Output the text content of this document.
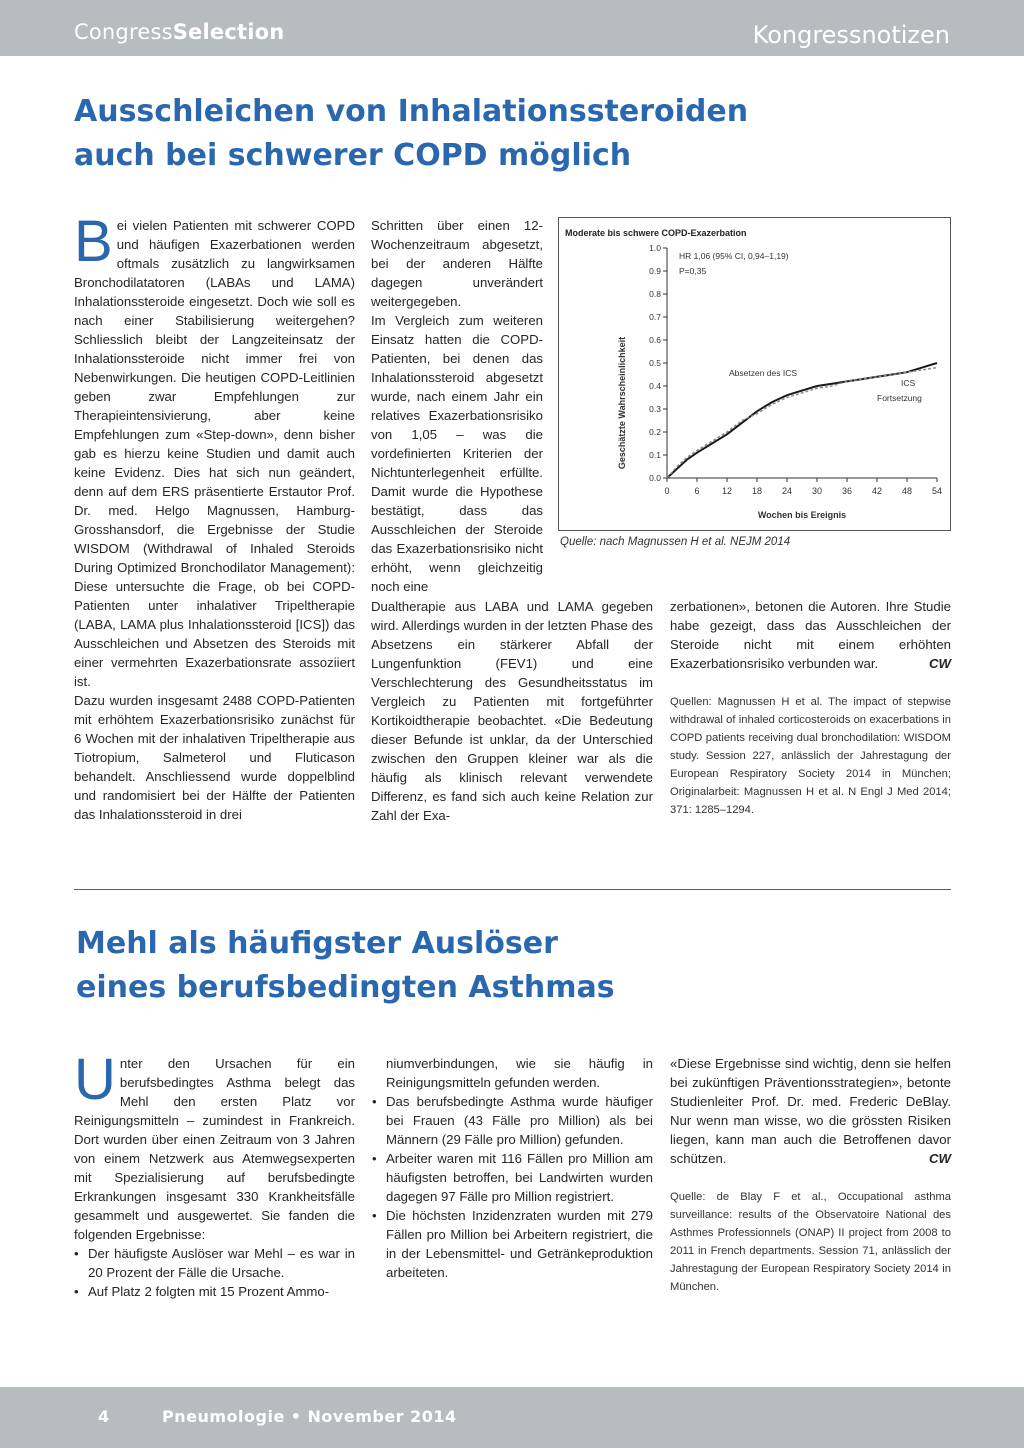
CongressSelection	Kongressnotizen
Ausschleichen von Inhalationssteroiden
auch bei schwerer COPD möglich

Bei vielen Patienten mit schwerer COPD und häufigen Exazerbationen werden oftmals zusätzlich zu langwirksamen Bronchodilatatoren (LABAs und LAMA) Inhalationssteroide eingesetzt. Doch wie soll es nach einer Stabilisierung weitergehen? Schliesslich bleibt der Langzeiteinsatz der Inhalationssteroide nicht immer frei von Nebenwirkungen. Die heutigen COPD-Leitlinien geben zwar Empfehlungen zur Therapieintensivierung, aber keine Empfehlungen zum «Step-down», denn bisher gab es hierzu keine Studien und damit auch keine Evidenz. Dies hat sich nun geändert, denn auf dem ERS präsentierte Erstautor Prof. Dr. med. Helgo Magnussen, Hamburg-Grosshansdorf, die Ergebnisse der Studie WISDOM (Withdrawal of Inhaled Steroids During Optimized Bronchodilator Management): Diese untersuchte die Frage, ob bei COPD-Patienten unter inhalativer Tripeltherapie (LABA, LAMA plus Inhalationssteroid [ICS]) das Ausschleichen und Absetzen des Steroids mit einer vermehrten Exazerbationsrate assoziiert ist.

Dazu wurden insgesamt 2488 COPD-Patienten mit erhöhtem Exazerbationsrisiko zunächst für 6 Wochen mit der inhalativen Tripeltherapie aus Tiotropium, Salmeterol und Fluticason behandelt. Anschliessend wurde doppelblind und randomisiert bei der Hälfte der Patienten das Inhalationssteroid in drei

Schritten über einen 12-Wochenzeitraum abgesetzt, bei der anderen Hälfte dagegen unverändert weitergegeben.

Im Vergleich zum weiteren Einsatz hatten die COPD-Patienten, bei denen das Inhalationssteroid abgesetzt wurde, nach einem Jahr ein relatives Exazerbationsrisiko von 1,05 – was die vordefinierten Kriterien der Nichtunterlegenheit erfüllte. Damit wurde die Hypothese bestätigt, dass das Ausschleichen der Steroide das Exazerbationsrisiko nicht erhöht, wenn gleichzeitig noch eine

Dualtherapie aus LABA und LAMA gegeben wird. Allerdings wurden in der letzten Phase des Absetzens ein stärkerer Abfall der Lungenfunktion (FEV1) und eine Verschlechterung des Gesundheitsstatus im Vergleich zu Patienten mit fortgeführter Kortikoidtherapie beobachtet. «Die Bedeutung dieser Befunde ist unklar, da der Unterschied zwischen den Gruppen kleiner war als die häufig als klinisch relevant verwendete Differenz, es fand sich auch keine Relation zur Zahl der Exa-

zerbationen», betonen die Autoren. Ihre Studie habe gezeigt, dass das Ausschleichen der Steroide nicht mit einem erhöhten Exazerbationsrisiko verbunden war.	CW

Quellen: Magnussen H et al. The impact of stepwise withdrawal of inhaled corticosteroids on exacerbations in COPD patients receiving dual bronchodilation: WISDOM study. Session 227, anlässlich der Jahrestagung der European Respiratory Society 2014 in München; Originalarbeit: Magnussen H et al. N Engl J Med 2014; 371: 1285–1294.

Moderate bis schwere COPD-Exazerbation
HR 1,06 (95% CI, 0,94–1,19)
P=0,35
Geschätzte Wahrscheinlichkeit
Wochen bis Ereignis
Absetzen des ICS
ICS
Fortsetzung
0	6 12 18 24 30 36 42 48 54
0.0
0.1
0.2
0.3
0.4
0.5
0.6
0.7
0.8
0.9
1.0
Quelle: nach Magnussen H et al. NEJM 2014
Mehl als häufigster Auslöser
eines berufsbedingten Asthmas

Unter den Ursachen für ein berufsbedingtes Asthma belegt das Mehl den ersten Platz vor Reinigungsmitteln – zumindest in Frankreich. Dort wurden über einen Zeitraum von 3 Jahren von einem Netzwerk aus Atemwegsexperten mit Spezialisierung auf berufsbedingte Erkrankungen insgesamt 330 Krankheitsfälle gesammelt und ausgewertet. Sie fanden die folgenden Ergebnisse:

• Der häufigste Auslöser war Mehl – es war in 20 Prozent der Fälle die Ursache.
• Auf Platz 2 folgten mit 15 Prozent Ammo-

niumverbindungen, wie sie häufig in Reinigungsmitteln gefunden werden.

• Das berufsbedingte Asthma wurde häufiger bei Frauen (43 Fälle pro Million) als bei Männern (29 Fälle pro Million) gefunden.
• Arbeiter waren mit 116 Fällen pro Million am häufigsten betroffen, bei Landwirten wurden dagegen 97 Fälle pro Million registriert.
• Die höchsten Inzidenzraten wurden mit 279 Fällen pro Million bei Arbeitern registriert, die in der Lebensmittel- und Getränkeproduktion arbeiteten.

«Diese Ergebnisse sind wichtig, denn sie helfen bei zukünftigen Präventionsstrategien», betonte Studienleiter Prof. Dr. med. Frederic DeBlay. Nur wenn man wisse, wo die grössten Risiken liegen, kann man auch die Betroffenen davor schützen.	CW

Quelle: de Blay F et al., Occupational asthma surveillance: results of the Observatoire National des Asthmes Professionnels (ONAP) II project from 2008 to 2011 in French departments. Session 71, anlässlich der Jahrestagung der European Respiratory Society 2014 in München.

4	Pneumologie • November 2014
